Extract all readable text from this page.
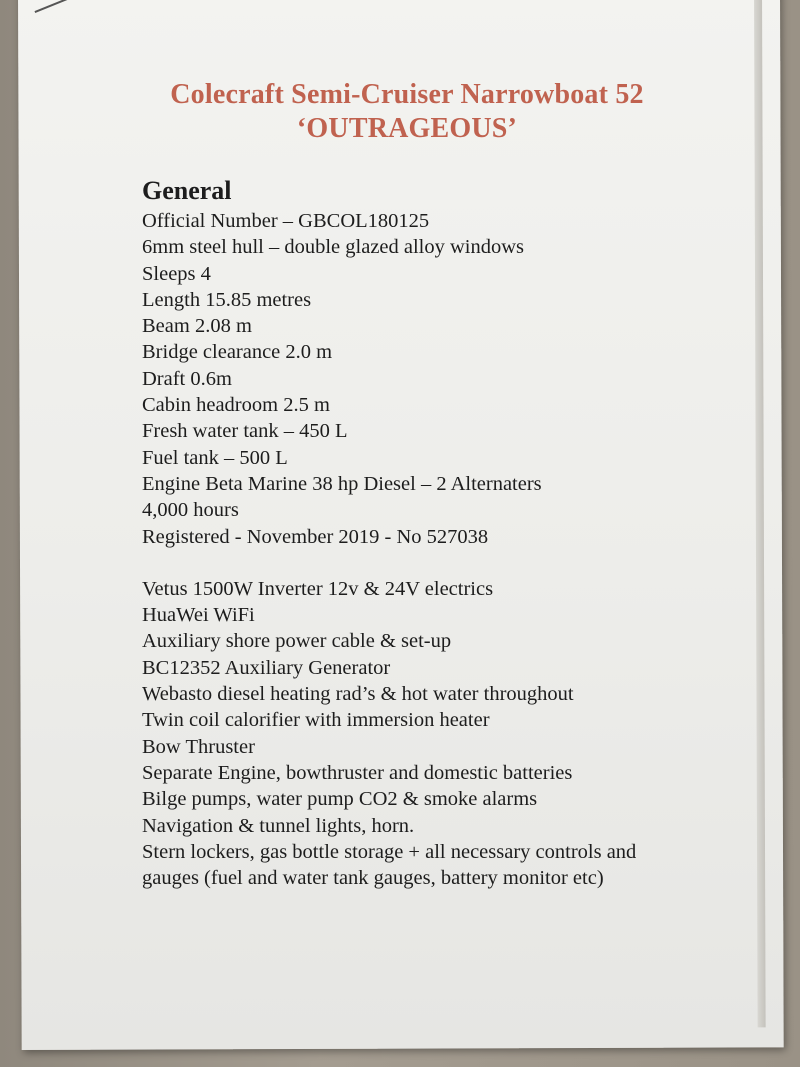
Colecraft Semi-Cruiser Narrowboat 52
‘OUTRAGEOUS’
General
Official Number – GBCOL180125
6mm steel hull – double glazed alloy windows
Sleeps 4
Length 15.85 metres
Beam 2.08 m
Bridge clearance 2.0 m
Draft 0.6m
Cabin headroom 2.5 m
Fresh water tank – 450 L
Fuel tank – 500 L
Engine Beta Marine 38 hp Diesel – 2 Alternaters
4,000 hours
Registered - November 2019 - No 527038
Vetus 1500W Inverter 12v & 24V electrics
HuaWei WiFi
Auxiliary shore power cable & set-up
BC12352 Auxiliary Generator
Webasto diesel heating rad’s & hot water throughout
Twin coil calorifier with immersion heater
Bow Thruster
Separate Engine, bowthruster and domestic batteries
Bilge pumps, water pump CO2 & smoke alarms
Navigation & tunnel lights, horn.
Stern lockers, gas bottle storage + all necessary controls and gauges (fuel and water tank gauges, battery monitor etc)
